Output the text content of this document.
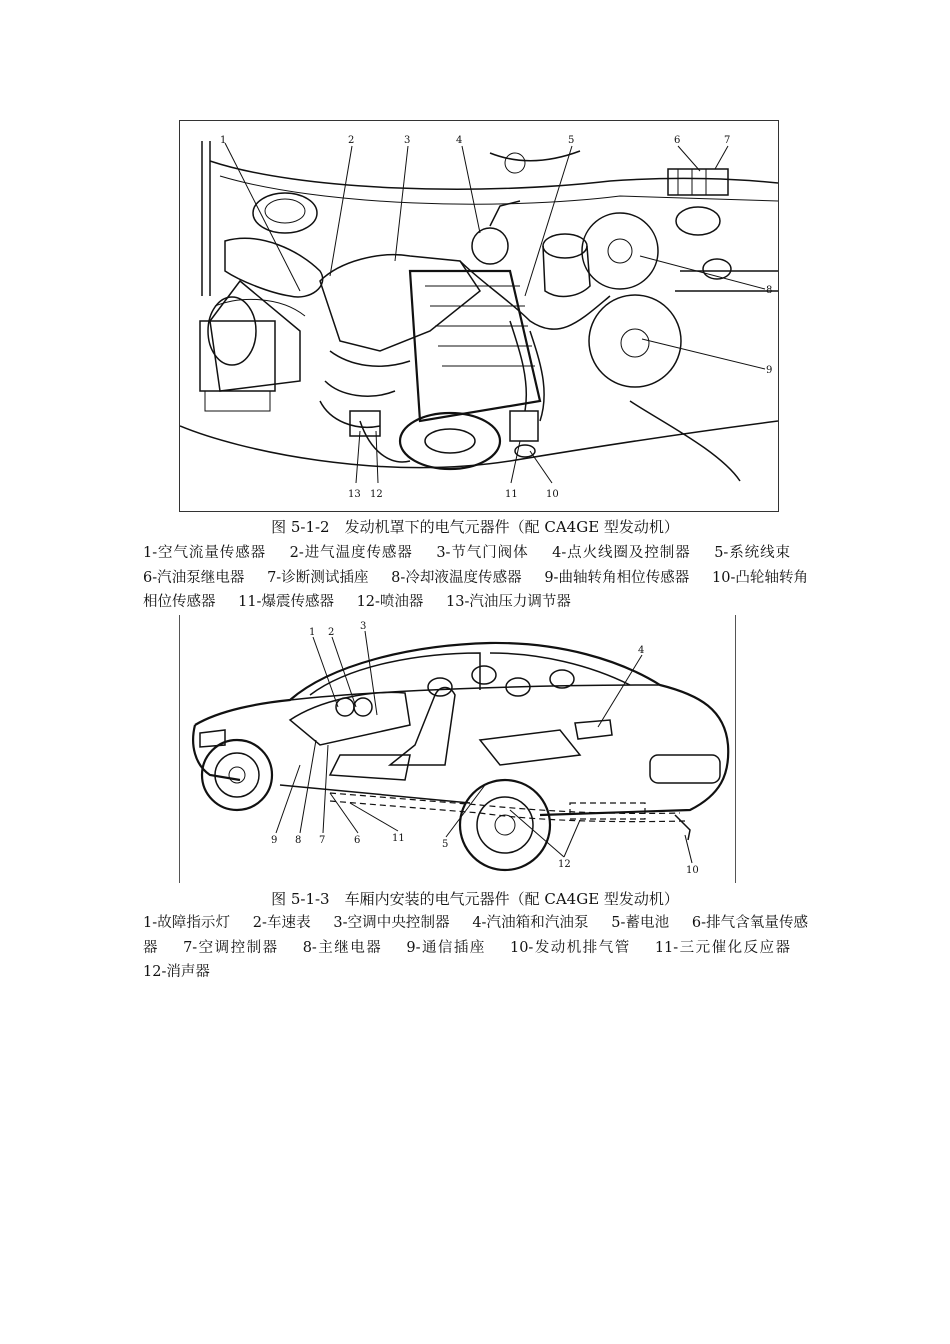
1	2	3	4	5	6	7
8
9
10
11
12
13
图 5-1-2　发动机罩下的电气元器件（配 CA4GE 型发动机）
1-空气流量传感器 2-进气温度传感器 3-节气门阀体 4-点火线圈及控制器 5-系统线束 6-汽油泵继电器 7-诊断测试插座 8-冷却液温度传感器 9-曲轴转角相位传感器 10-凸轮轴转角相位传感器 11-爆震传感器 12-喷油器 13-汽油压力调节器
1 2
3
4
5
6
7
8
9
10
11
12
图 5-1-3　车厢内安装的电气元器件（配 CA4GE 型发动机）
1-故障指示灯 2-车速表 3-空调中央控制器 4-汽油箱和汽油泵 5-蓄电池 6-排气含氧量传感器 7-空调控制器 8-主继电器 9-通信插座 10-发动机排气管 11-三元催化反应器 12-消声器
